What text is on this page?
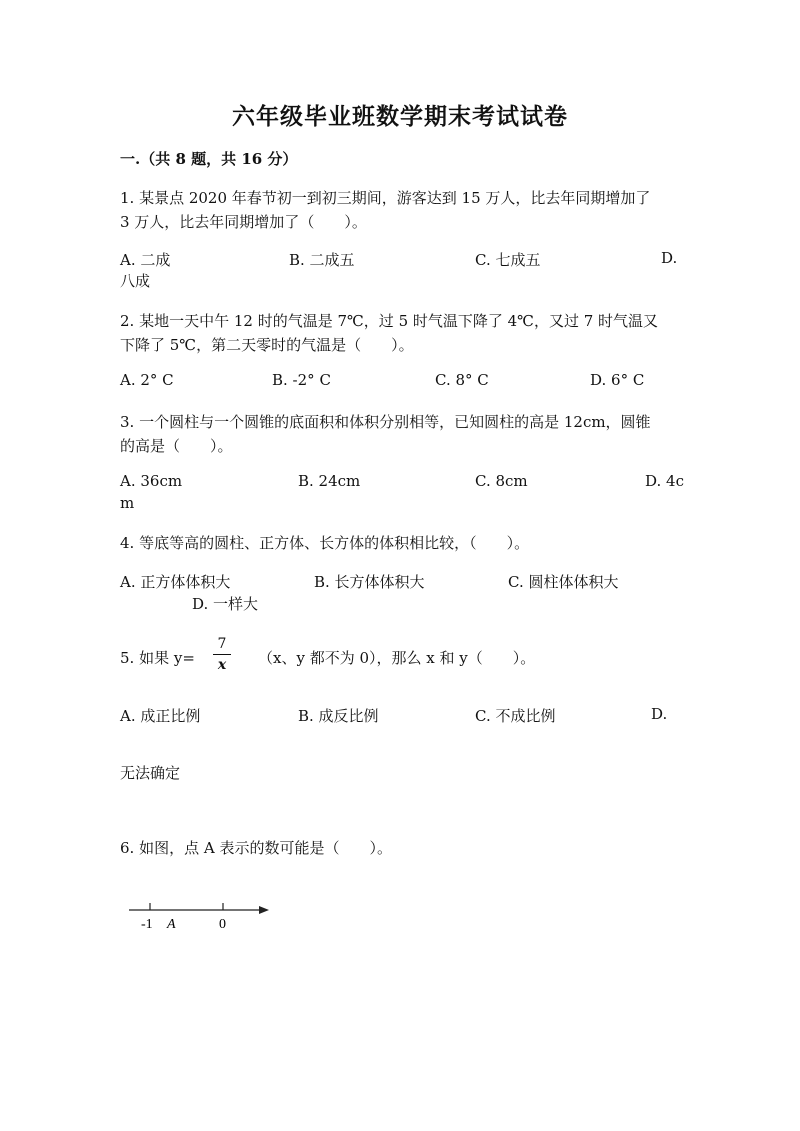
六年级毕业班数学期末考试试卷
一.（共 8 题，共 16 分）
1. 某景点 2020 年春节初一到初三期间，游客达到 15 万人，比去年同期增加了
3 万人，比去年同期增加了（　　）。
A. 二成	B. 二成五	C. 七成五	D.
八成
2. 某地一天中午 12 时的气温是 7℃，过 5 时气温下降了 4℃，又过 7 时气温又
下降了 5℃，第二天零时的气温是（　　）。
A. 2° C	B. -2° C	C. 8° C	D. 6° C
3. 一个圆柱与一个圆锥的底面积和体积分别相等，已知圆柱的高是 12cm，圆锥
的高是（　　）。
A. 36cm	B. 24cm	C. 8cm	D. 4c
m
4. 等底等高的圆柱、正方体、长方体的体积相比较，（　　）。
A. 正方体体积大	B. 长方体体积大	C. 圆柱体体积大
D. 一样大
5. 如果 y=
7
x	（x、y 都不为 0），那么 x 和 y（　　）。
A. 成正比例	B. 成反比例	C. 不成比例	D.
无法确定
6. 如图，点 A 表示的数可能是（　　）。
-1 A	0
